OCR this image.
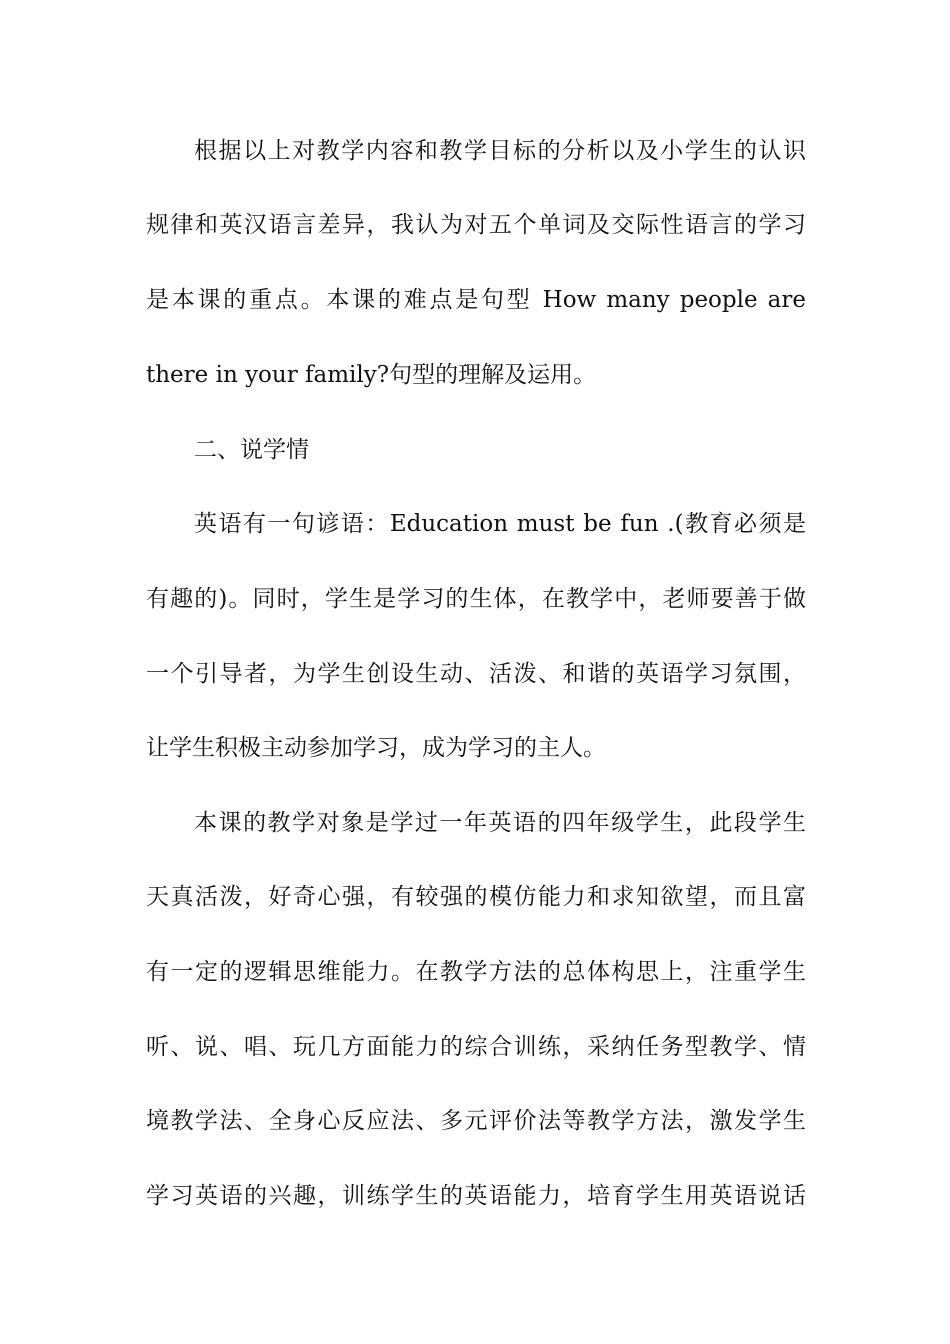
根据以上对教学内容和教学目标的分析以及小学生的认识
规律和英汉语言差异，我认为对五个单词及交际性语言的学习
是本课的重点。本课的难点是句型 How many people are
there in your family?句型的理解及运用。
二、说学情
英语有一句谚语：Education must be fun .(教育必须是
有趣的)。同时，学生是学习的生体，在教学中，老师要善于做
一个引导者，为学生创设生动、活泼、和谐的英语学习氛围，
让学生积极主动参加学习，成为学习的主人。
本课的教学对象是学过一年英语的四年级学生，此段学生
天真活泼，好奇心强，有较强的模仿能力和求知欲望，而且富
有一定的逻辑思维能力。在教学方法的总体构思上，注重学生
听、说、唱、玩几方面能力的综合训练，采纳任务型教学、情
境教学法、全身心反应法、多元评价法等教学方法，激发学生
学习英语的兴趣，训练学生的英语能力，培育学生用英语说话
